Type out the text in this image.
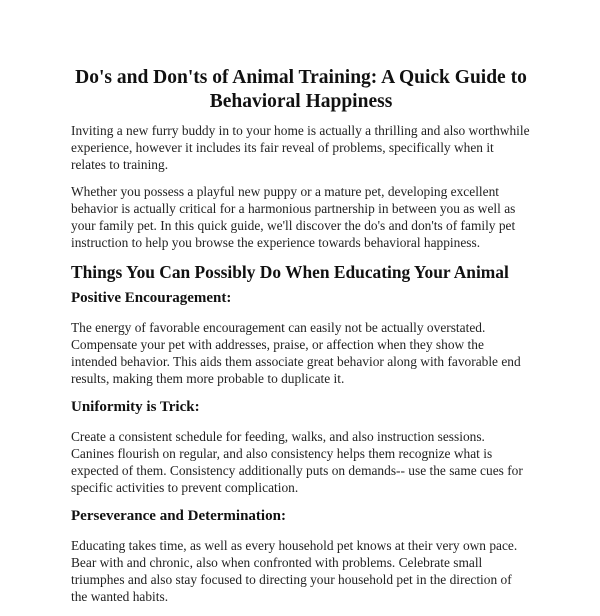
Do's and Don'ts of Animal Training: A Quick Guide to Behavioral Happiness

Inviting a new furry buddy in to your home is actually a thrilling and also worthwhile experience, however it includes its fair reveal of problems, specifically when it relates to training.

Whether you possess a playful new puppy or a mature pet, developing excellent behavior is actually critical for a harmonious partnership in between you as well as your family pet. In this quick guide, we'll discover the do's and don'ts of family pet instruction to help you browse the experience towards behavioral happiness.

Things You Can Possibly Do When Educating Your Animal
Positive Encouragement:

The energy of favorable encouragement can easily not be actually overstated. Compensate your pet with addresses, praise, or affection when they show the intended behavior. This aids them associate great behavior along with favorable end results, making them more probable to duplicate it.

Uniformity is Trick:

Create a consistent schedule for feeding, walks, and also instruction sessions. Canines flourish on regular, and also consistency helps them recognize what is expected of them. Consistency additionally puts on demands-- use the same cues for specific activities to prevent complication.

Perseverance and Determination:

Educating takes time, as well as every household pet knows at their very own pace. Bear with and chronic, also when confronted with problems. Celebrate small triumphes and also stay focused to directing your household pet in the direction of the wanted habits.
